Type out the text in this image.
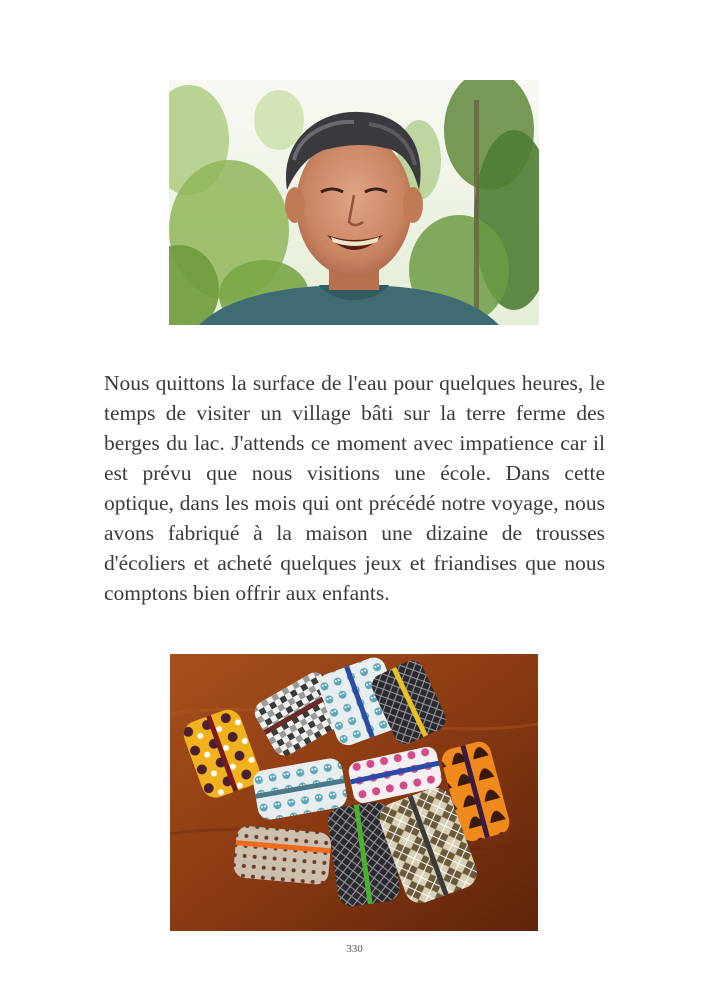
Nous quittons la surface de l'eau pour quelques heures, le temps de visiter un village bâti sur la terre ferme des berges du lac. J'attends ce moment avec impatience car il est prévu que nous visitions une école. Dans cette optique, dans les mois qui ont précédé notre voyage, nous avons fabriqué à la maison une dizaine de trousses d'écoliers et acheté quelques jeux et friandises que nous comptons bien offrir aux enfants.

330
